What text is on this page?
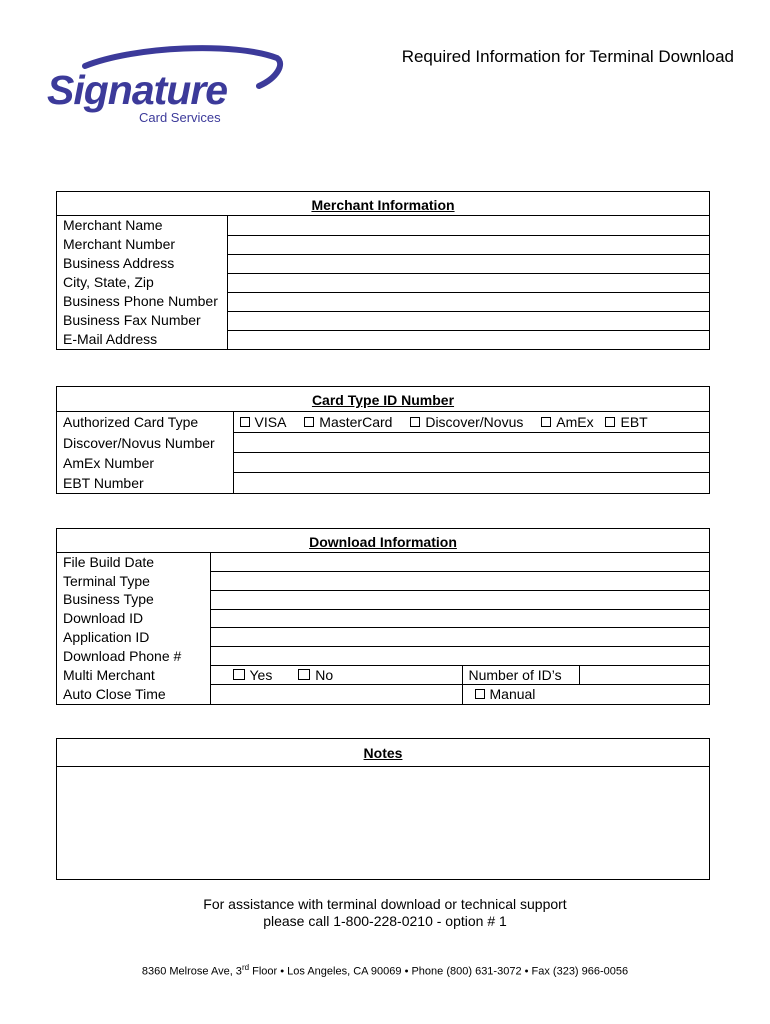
Required Information for Terminal Download
Signature
Card Services
Merchant Information
Merchant Name	
Merchant Number	
Business Address	
City, State, Zip	
Business Phone Number	
Business Fax Number	
E-Mail Address	
Card Type ID Number
Authorized Card Type	VISA MasterCard Discover/Novus AmEx EBT
Discover/Novus Number	
AmEx Number	
EBT Number	
Download Information
File Build Date			
Terminal Type			
Business Type			
Download ID			
Application ID			
Download Phone #			
Multi Merchant	Yes No	Number of ID’s	
Auto Close Time		Manual	
Notes
For assistance with terminal download or technical support
please call 1-800-228-0210 - option # 1
8360 Melrose Ave, 3rd Floor • Los Angeles, CA 90069 • Phone (800) 631-3072 • Fax (323) 966-0056
